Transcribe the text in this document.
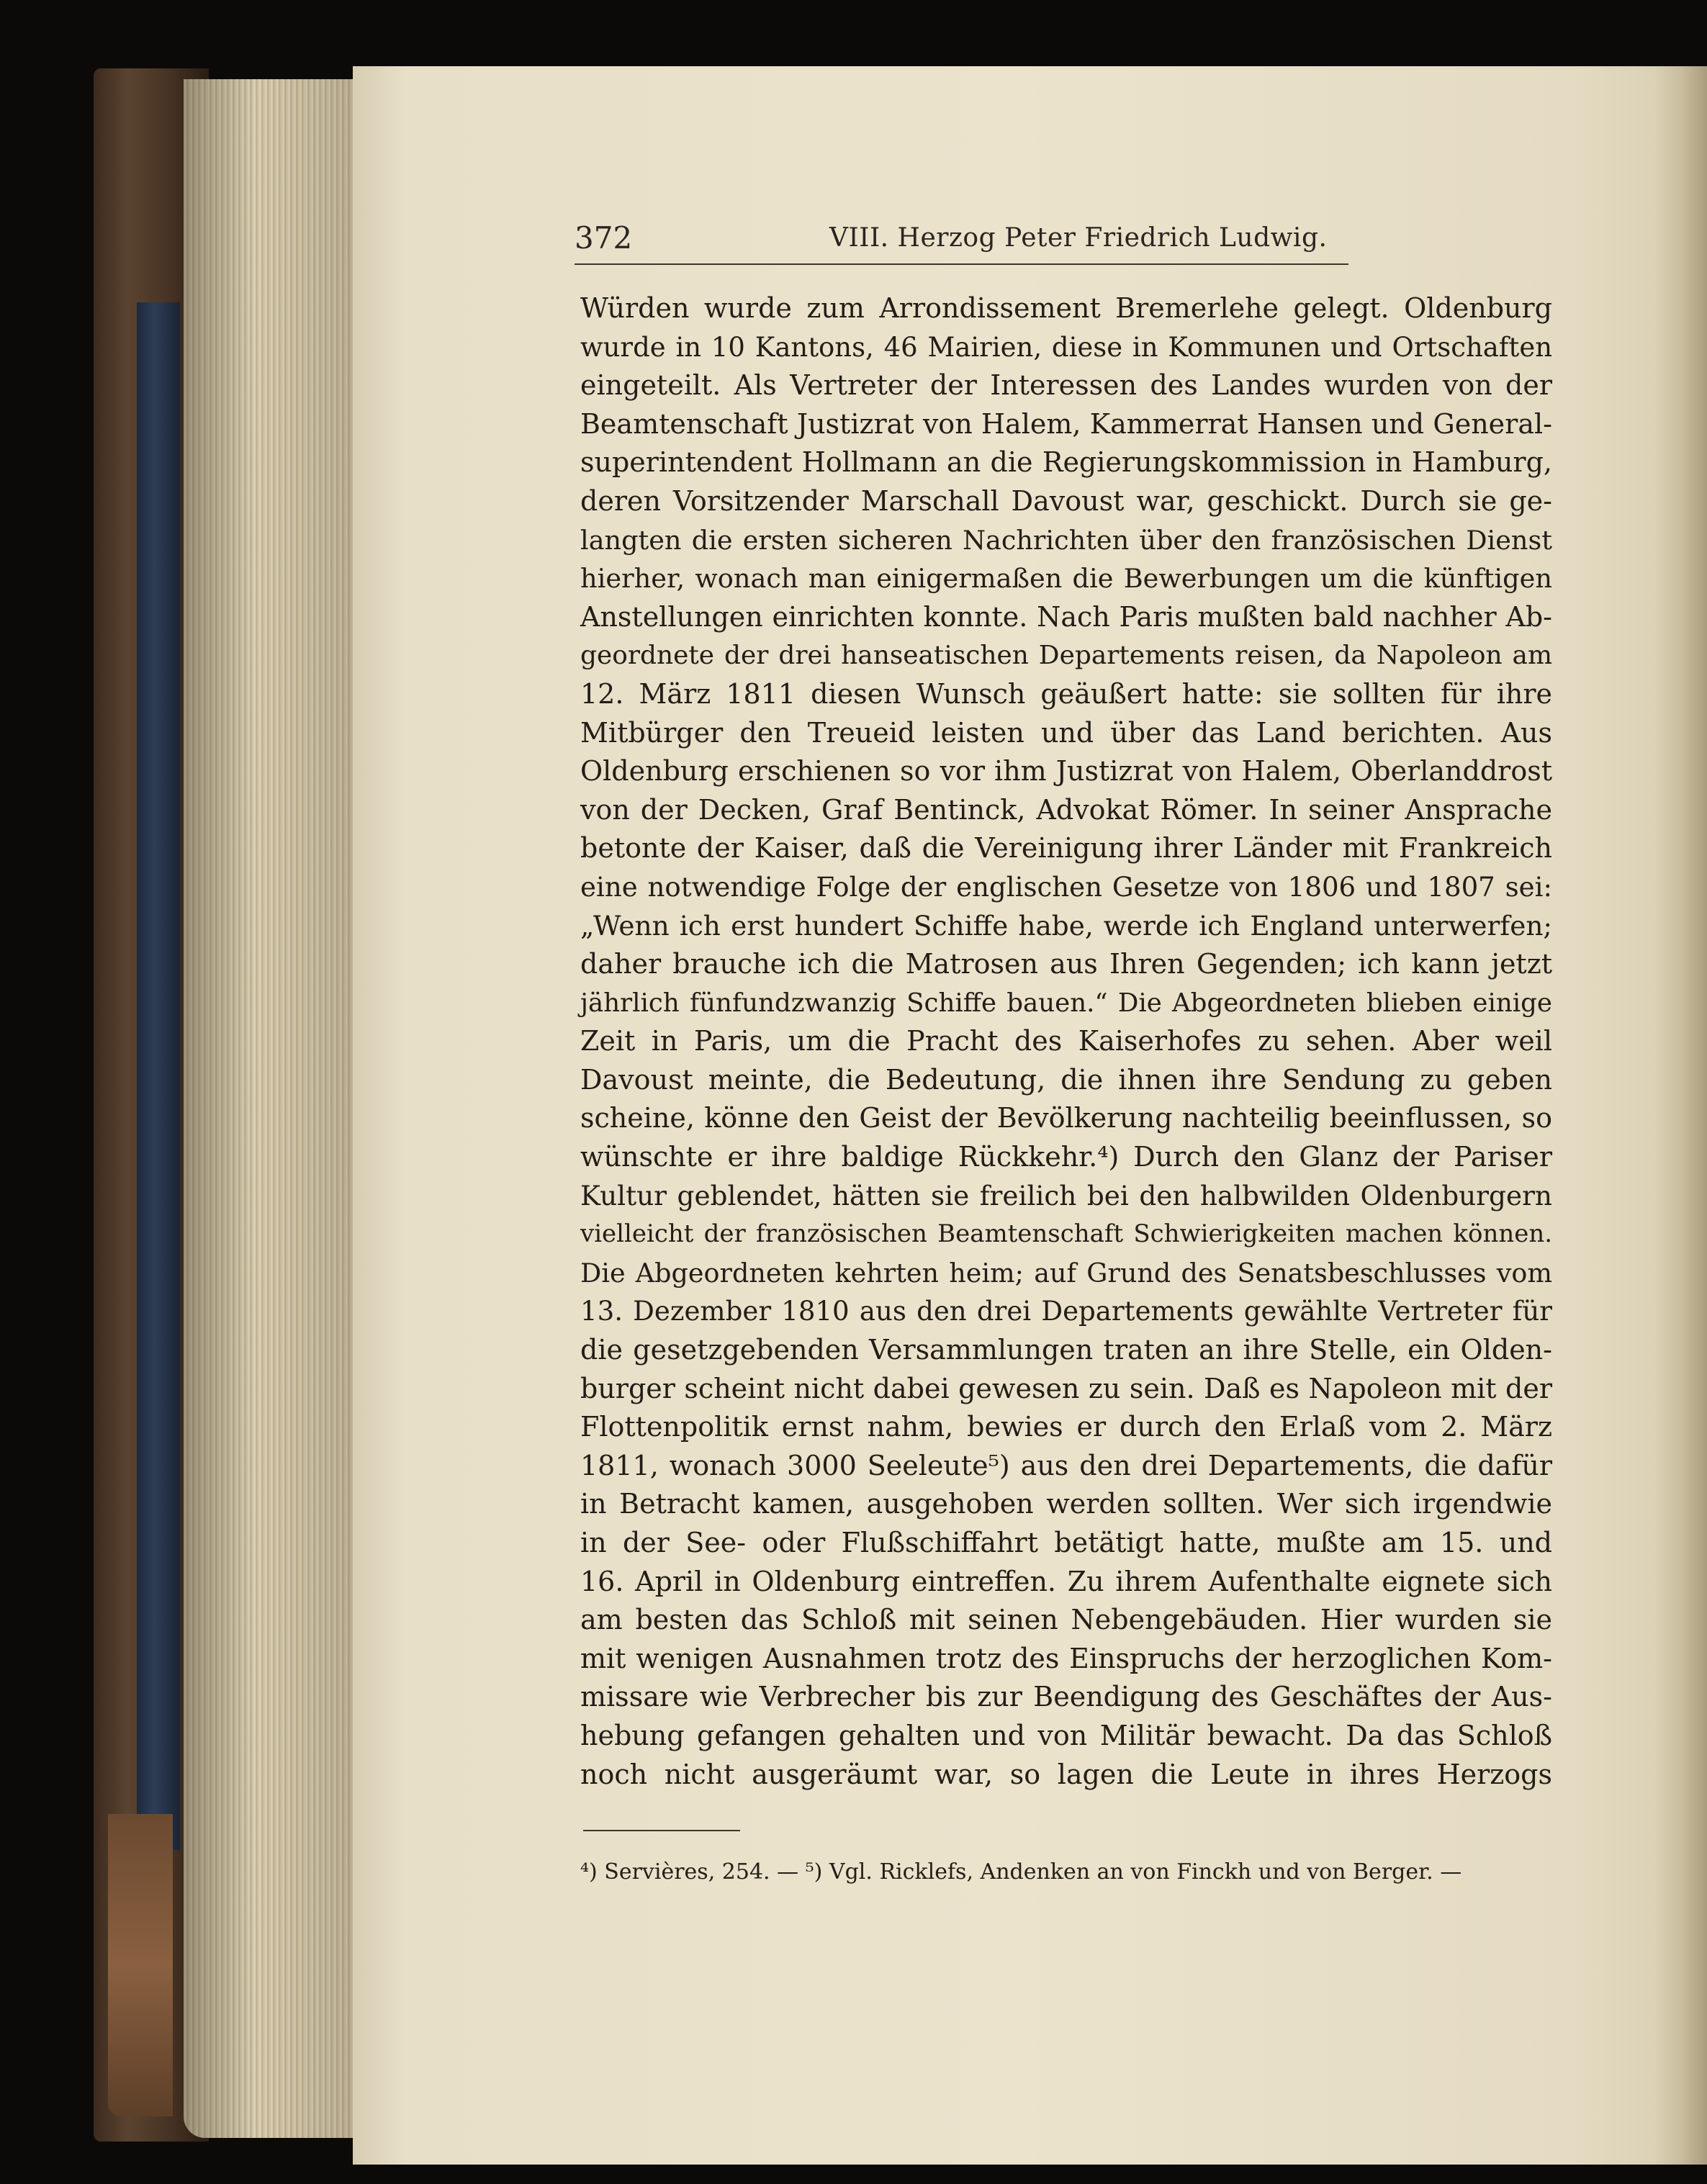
372	VIII. Herzog Peter Friedrich Ludwig.
Würden wurde zum Arrondissement Bremerlehe gelegt. Oldenburg
wurde in 10 Kantons, 46 Mairien, diese in Kommunen und Ortschaften
eingeteilt. Als Vertreter der Interessen des Landes wurden von der
Beamtenschaft Justizrat von Halem, Kammerrat Hansen und General-
superintendent Hollmann an die Regierungskommission in Hamburg,
deren Vorsitzender Marschall Davoust war, geschickt. Durch sie ge-
langten die ersten sicheren Nachrichten über den französischen Dienst
hierher, wonach man einigermaßen die Bewerbungen um die künftigen
Anstellungen einrichten konnte. Nach Paris mußten bald nachher Ab-
geordnete der drei hanseatischen Departements reisen, da Napoleon am
12. März 1811 diesen Wunsch geäußert hatte: sie sollten für ihre
Mitbürger den Treueid leisten und über das Land berichten. Aus
Oldenburg erschienen so vor ihm Justizrat von Halem, Oberlanddrost
von der Decken, Graf Bentinck, Advokat Römer. In seiner Ansprache
betonte der Kaiser, daß die Vereinigung ihrer Länder mit Frankreich
eine notwendige Folge der englischen Gesetze von 1806 und 1807 sei:
„Wenn ich erst hundert Schiffe habe, werde ich England unterwerfen;
daher brauche ich die Matrosen aus Ihren Gegenden; ich kann jetzt
jährlich fünfundzwanzig Schiffe bauen.“ Die Abgeordneten blieben einige
Zeit in Paris, um die Pracht des Kaiserhofes zu sehen. Aber weil
Davoust meinte, die Bedeutung, die ihnen ihre Sendung zu geben
scheine, könne den Geist der Bevölkerung nachteilig beeinflussen, so
wünschte er ihre baldige Rückkehr.⁴) Durch den Glanz der Pariser
Kultur geblendet, hätten sie freilich bei den halbwilden Oldenburgern
vielleicht der französischen Beamtenschaft Schwierigkeiten machen können.
Die Abgeordneten kehrten heim; auf Grund des Senatsbeschlusses vom
13. Dezember 1810 aus den drei Departements gewählte Vertreter für
die gesetzgebenden Versammlungen traten an ihre Stelle, ein Olden-
burger scheint nicht dabei gewesen zu sein. Daß es Napoleon mit der
Flottenpolitik ernst nahm, bewies er durch den Erlaß vom 2. März
1811, wonach 3000 Seeleute⁵) aus den drei Departements, die dafür
in Betracht kamen, ausgehoben werden sollten. Wer sich irgendwie
in der See- oder Flußschiffahrt betätigt hatte, mußte am 15. und
16. April in Oldenburg eintreffen. Zu ihrem Aufenthalte eignete sich
am besten das Schloß mit seinen Nebengebäuden. Hier wurden sie
mit wenigen Ausnahmen trotz des Einspruchs der herzoglichen Kom-
missare wie Verbrecher bis zur Beendigung des Geschäftes der Aus-
hebung gefangen gehalten und von Militär bewacht. Da das Schloß
noch nicht ausgeräumt war, so lagen die Leute in ihres Herzogs
⁴) Servières, 254. — ⁵) Vgl. Ricklefs, Andenken an von Finckh und von Berger. —
